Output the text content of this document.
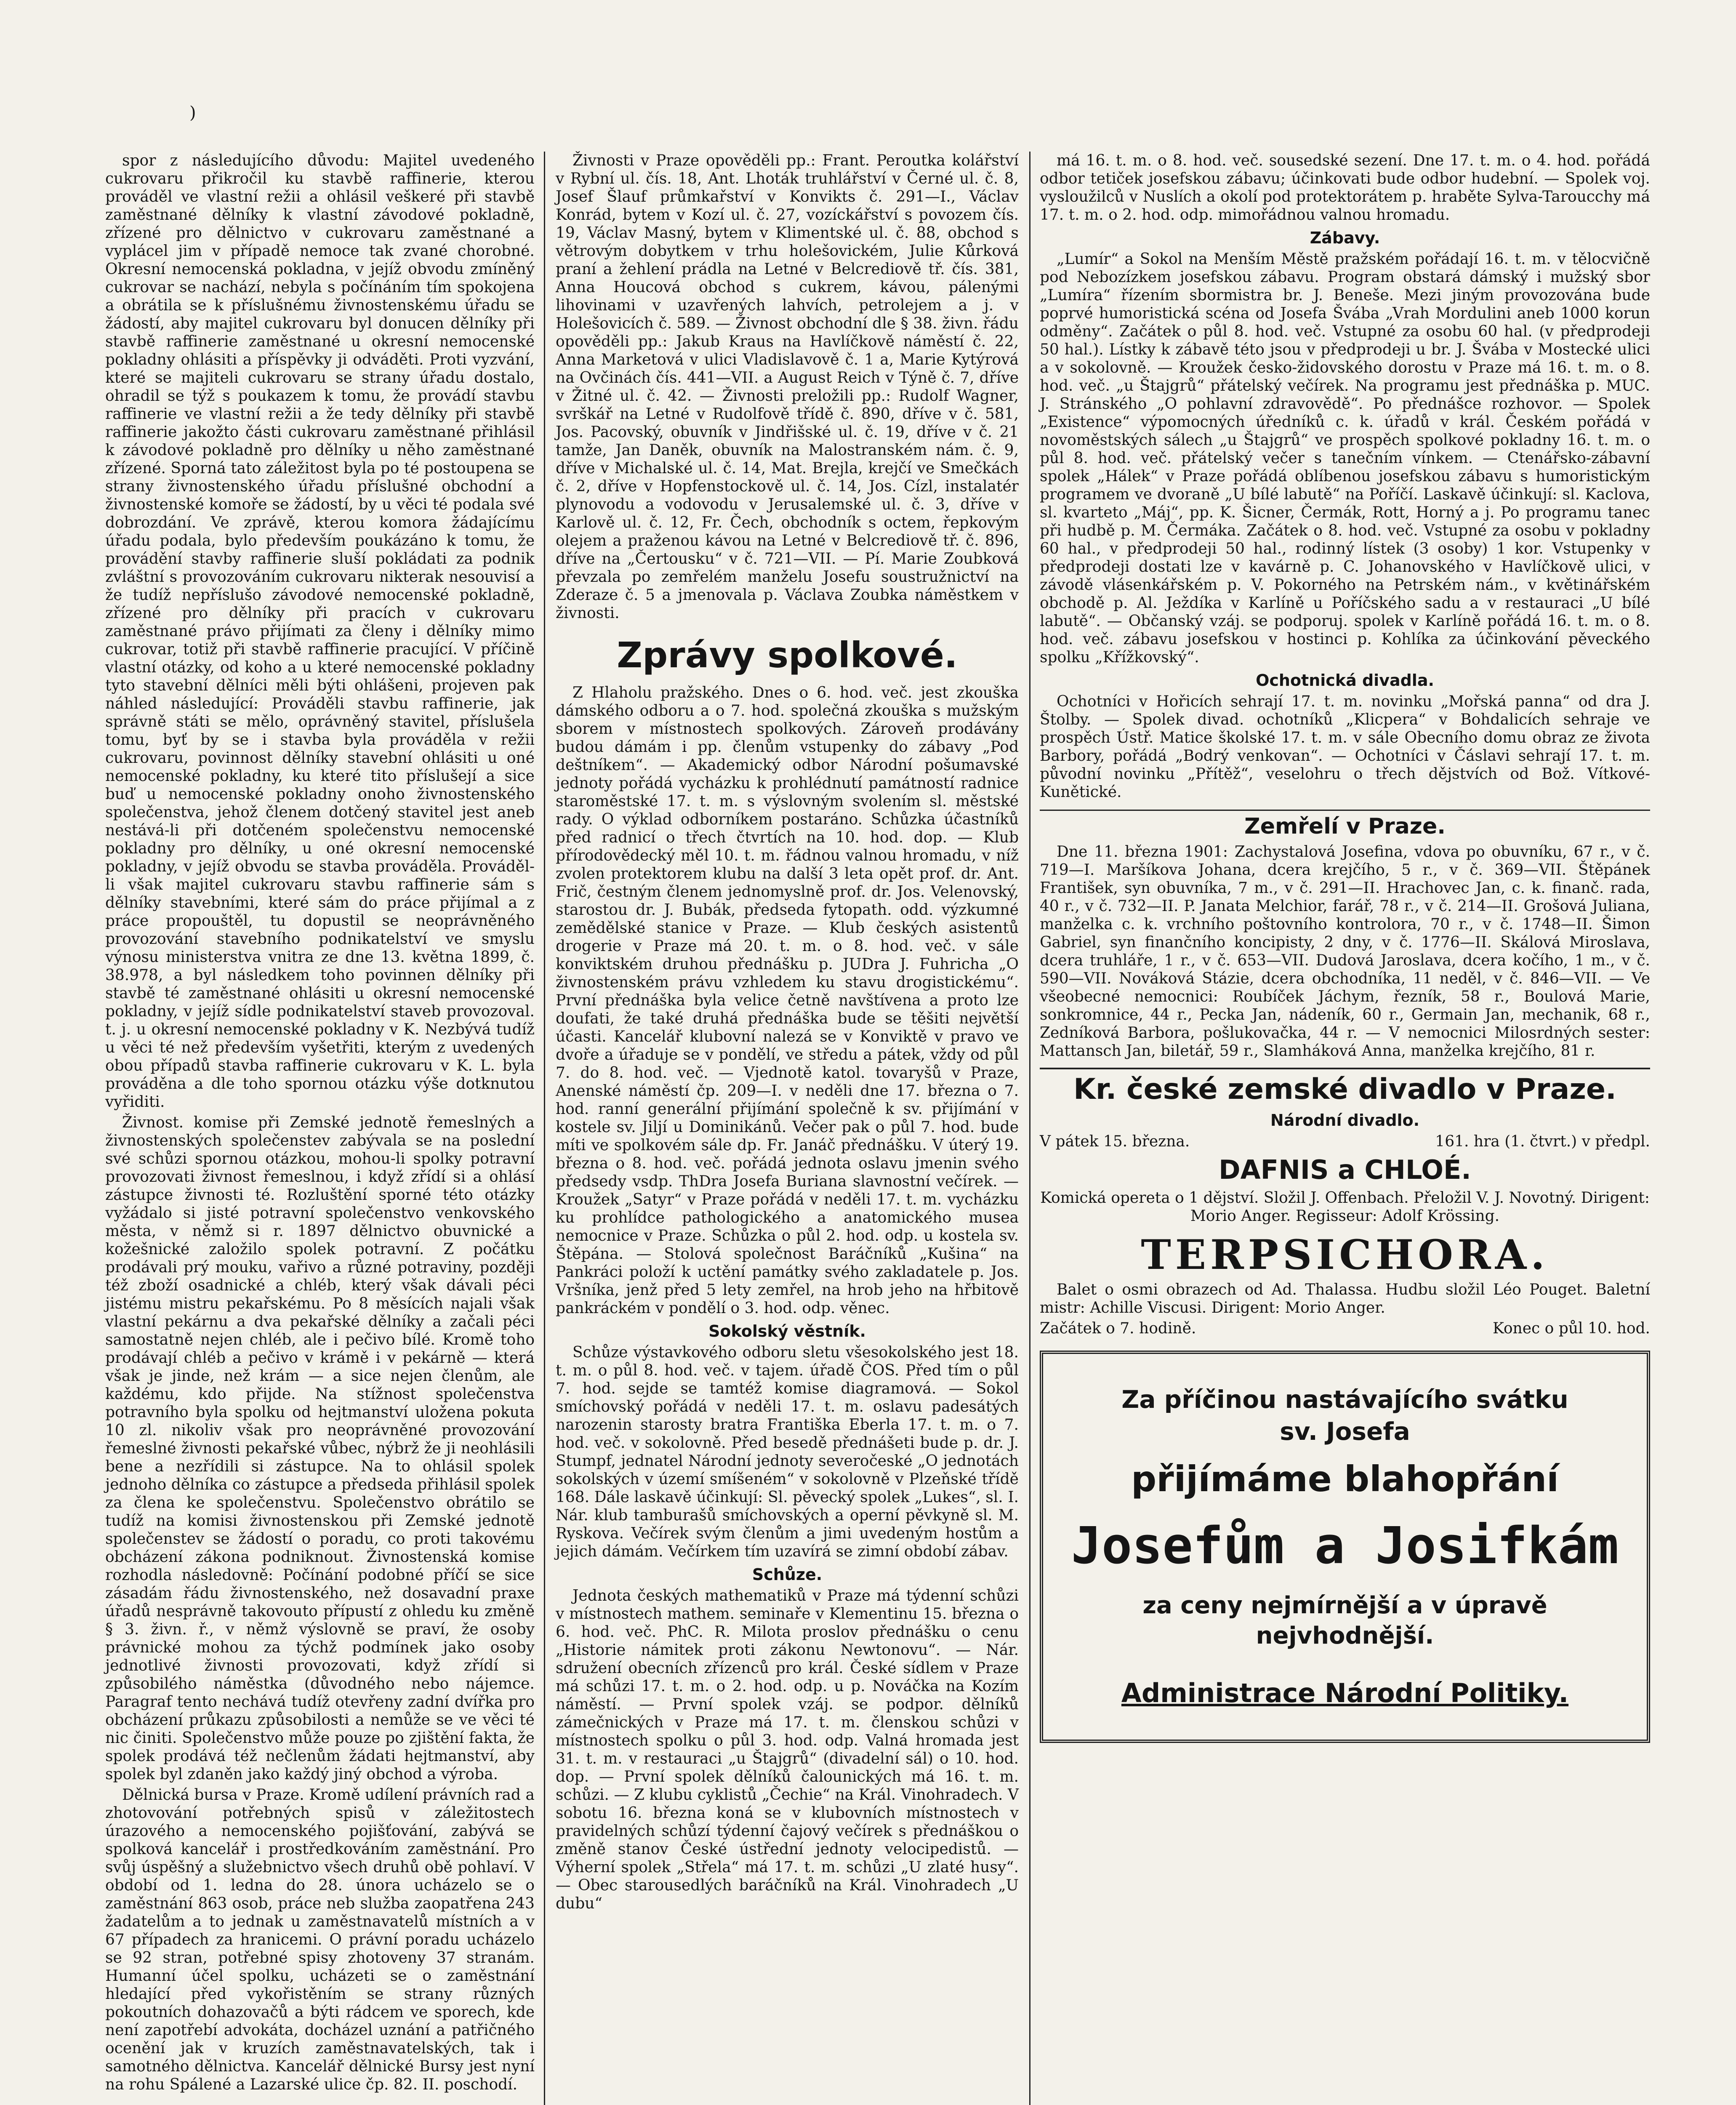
)

spor z následujícího důvodu: Majitel uvedeného cukrovaru přikročil ku stavbě raffinerie, kterou prováděl ve vlastní režii a ohlásil veškeré při stavbě zaměstnané dělníky k vlastní závodové pokladně, zřízené pro dělnictvo v cukrovaru zaměstnané a vyplácel jim v případě nemoce tak zvané chorobné. Okresní nemocenská pokladna, v jejíž obvodu zmíněný cukrovar se nachází, nebyla s počínáním tím spokojena a obrátila se k příslušnému živnostenskému úřadu se žádostí, aby majitel cukrovaru byl donucen dělníky při stavbě raffinerie zaměstnané u okresní nemocenské pokladny ohlásiti a příspěvky ji odváděti. Proti vyzvání, které se majiteli cukrovaru se strany úřadu dostalo, ohradil se týž s poukazem k tomu, že provádí stavbu raffinerie ve vlastní režii a že tedy dělníky při stavbě raffinerie jakožto části cukrovaru zaměstnané přihlásil k závodové pokladně pro dělníky u něho zaměstnané zřízené. Sporná tato záležitost byla po té postoupena se strany živnostenského úřadu příslušné obchodní a živnostenské komoře se žádostí, by u věci té podala své dobrozdání. Ve zprávě, kterou komora žádajícímu úřadu podala, bylo především poukázáno k tomu, že provádění stavby raffinerie sluší pokládati za podnik zvláštní s provozováním cukrovaru nikterak nesouvisí a že tudíž nepříslušo závodové nemocenské pokladně, zřízené pro dělníky při pracích v cukrovaru zaměstnané právo přijímati za členy i dělníky mimo cukrovar, totiž při stavbě raffinerie pracující. V příčině vlastní otázky, od koho a u které nemocenské pokladny tyto stavební dělníci měli býti ohlášeni, projeven pak náhled následující: Prováděli stavbu raffinerie, jak správně státi se mělo, oprávněný stavitel, příslušela tomu, byť by se i stavba byla prováděla v režii cukrovaru, povinnost dělníky stavební ohlásiti u oné nemocenské pokladny, ku které tito příslušejí a sice buď u nemocenské pokladny onoho živnostenského společenstva, jehož členem dotčený stavitel jest aneb nestává-li při dotčeném společenstvu nemocenské pokladny pro dělníky, u oné okresní nemocenské pokladny, v jejíž obvodu se stavba prováděla. Prováděl-li však majitel cukrovaru stavbu raffinerie sám s dělníky stavebními, které sám do práce přijímal a z práce propouštěl, tu dopustil se neoprávněného provozování stavebního podnikatelství ve smyslu výnosu ministerstva vnitra ze dne 13. května 1899, č. 38.978, a byl následkem toho povinnen dělníky při stavbě té zaměstnané ohlásiti u okresní nemocenské pokladny, v jejíž sídle podnikatelství staveb provozoval. t. j. u okresní nemocenské pokladny v K. Nezbývá tudíž u věci té než především vyšetřiti, kterým z uvedených obou případů stavba raffinerie cukrovaru v K. L. byla prováděna a dle toho spornou otázku výše dotknutou vyřiditi.

Živnost. komise při Zemské jednotě řemeslných a živnostenských společenstev zabývala se na poslední své schůzi spornou otázkou, mohou-li spolky potravní provozovati živnost řemeslnou, i když zřídí si a ohlásí zástupce živnosti té. Rozluštění sporné této otázky vyžádalo si jisté potravní společenstvo venkovského města, v němž si r. 1897 dělnictvo obuvnické a kožešnické založilo spolek potravní. Z počátku prodávali prý mouku, vařivo a různé potraviny, později též zboží osadnické a chléb, který však dávali péci jistému mistru pekařskému. Po 8 měsících najali však vlastní pekárnu a dva pekařské dělníky a začali péci samostatně nejen chléb, ale i pečivo bílé. Kromě toho prodávají chléb a pečivo v krámě i v pekárně — která však je jinde, než krám — a sice nejen členům, ale každému, kdo přijde. Na stížnost společenstva potravního byla spolku od hejtmanství uložena pokuta 10 zl. nikoliv však pro neoprávněné provozování řemeslné živnosti pekařské vůbec, nýbrž že ji neohlásili bene a nezřídili si zástupce. Na to ohlásil spolek jednoho dělníka co zástupce a předseda přihlásil spolek za člena ke společenstvu. Společenstvo obrátilo se tudíž na komisi živnostenskou při Zemské jednotě společenstev se žádostí o poradu, co proti takovému obcházení zákona podniknout. Živnostenská komise rozhodla následovně: Počínání podobné příčí se sice zásadám řádu živnostenského, než dosavadní praxe úřadů nesprávně takovouto přípustí z ohledu ku změně § 3. živn. ř., v němž výslovně se praví, že osoby právnické mohou za týchž podmínek jako osoby jednotlivé živnosti provozovati, když zřídí si způsobilého náměstka (důvodného nebo nájemce. Paragraf tento nechává tudíž otevřeny zadní dvířka pro obcházení průkazu způsobilosti a nemůže se ve věci té nic činiti. Společenstvo může pouze po zjištění fakta, že spolek prodává též nečlenům žádati hejtmanství, aby spolek byl zdaněn jako každý jiný obchod a výroba.

Dělnická bursa v Praze. Kromě udílení právních rad a zhotovování potřebných spisů v záležitostech úrazového a nemocenského pojišťování, zabývá se spolková kancelář i prostředkováním zaměstnání. Pro svůj úspěšný a služebnictvo všech druhů obě pohlaví. V období od 1. ledna do 28. února ucházelo se o zaměstnání 863 osob, práce neb služba zaopatřena 243 žadatelům a to jednak u zaměstnavatelů místních a v 67 případech za hranicemi. O právní poradu ucházelo se 92 stran, potřebné spisy zhotoveny 37 stranám. Humanní účel spolku, ucházeti se o zaměstnání hledající před vykořistěním se strany různých pokoutních dohazovačů a býti rádcem ve sporech, kde není zapotřebí advokáta, docházel uznání a patřičného ocenění jak v kruzích zaměstnavatelských, tak i samotného dělnictva. Kancelář dělnické Bursy jest nyní na rohu Spálené a Lazarské ulice čp. 82. II. poschodí.

Živnosti v Praze opověděli pp.: Frant. Peroutka kolářství v Rybní ul. čís. 18, Ant. Lhoták truhlářství v Černé ul. č. 8, Josef Šlauf průmkařství v Konvikts č. 291—I., Václav Konrád, bytem v Kozí ul. č. 27, vozíckářství s povozem čís. 19, Václav Masný, bytem v Klimentské ul. č. 88, obchod s větrovým dobytkem v trhu holešovickém, Julie Kůrková praní a žehlení prádla na Letné v Belcrediově tř. čís. 381, Anna Houcová obchod s cukrem, kávou, pálenými lihovinami v uzavřených lahvích, petrolejem a j. v Holešovicích č. 589. — Živnost obchodní dle § 38. živn. řádu opověděli pp.: Jakub Kraus na Havlíčkově náměstí č. 22, Anna Marketová v ulici Vladislavově č. 1 a, Marie Kytýrová na Ovčinách čís. 441—VII. a August Reich v Týně č. 7, dříve v Žitné ul. č. 42. — Živnosti preložili pp.: Rudolf Wagner, svrškář na Letné v Rudolfově třídě č. 890, dříve v č. 581, Jos. Pacovský, obuvník v Jindřišské ul. č. 19, dříve v č. 21 tamže, Jan Daněk, obuvník na Malostranském nám. č. 9, dříve v Michalské ul. č. 14, Mat. Brejla, krejčí ve Smečkách č. 2, dříve v Hopfenstockově ul. č. 14, Jos. Cízl, instalatér plynovodu a vodovodu v Jerusalemské ul. č. 3, dříve v Karlově ul. č. 12, Fr. Čech, obchodník s octem, řepkovým olejem a praženou kávou na Letné v Belcrediově tř. č. 896, dříve na „Čertousku“ v č. 721—VII. — Pí. Marie Zoubková převzala po zemřelém manželu Josefu soustružnictví na Zderaze č. 5 a jmenovala p. Václava Zoubka náměstkem v živnosti.

Zprávy spolkové.

Z Hlaholu pražského. Dnes o 6. hod. več. jest zkouška dámského odboru a o 7. hod. společná zkouška s mužským sborem v místnostech spolkových. Zároveň prodávány budou dámám i pp. členům vstupenky do zábavy „Pod deštníkem“. — Akademický odbor Národní pošumavské jednoty pořádá vycházku k prohlédnutí památností radnice staroměstské 17. t. m. s výslovným svolením sl. městské rady. O výklad odborníkem postaráno. Schůzka účastníků před radnicí o třech čtvrtích na 10. hod. dop. — Klub přírodovědecký měl 10. t. m. řádnou valnou hromadu, v níž zvolen protektorem klubu na další 3 leta opět prof. dr. Ant. Frič, čestným členem jednomyslně prof. dr. Jos. Velenovský, starostou dr. J. Bubák, předseda fytopath. odd. výzkumné zemědělské stanice v Praze. — Klub českých asistentů drogerie v Praze má 20. t. m. o 8. hod. več. v sále konviktském druhou přednášku p. JUDra J. Fuhricha „O živnostenském právu vzhledem ku stavu drogistickému“. První přednáška byla velice četně navštívena a proto lze doufati, že také druhá přednáška bude se těšiti největší účasti. Kancelář klubovní nalezá se v Konviktě v pravo ve dvoře a úřaduje se v pondělí, ve středu a pátek, vždy od půl 7. do 8. hod. več. — Vjednotě katol. tovaryšů v Praze, Anenské náměstí čp. 209—I. v neděli dne 17. března o 7. hod. ranní generální přijímání společně k sv. přijímání v kostele sv. Jiljí u Dominikánů. Večer pak o půl 7. hod. bude míti ve spolkovém sále dp. Fr. Janáč přednášku. V úterý 19. března o 8. hod. več. pořádá jednota oslavu jmenin svého předsedy vsdp. ThDra Josefa Buriana slavnostní večírek. — Kroužek „Satyr“ v Praze pořádá v neděli 17. t. m. vycházku ku prohlídce pathologického a anatomického musea nemocnice v Praze. Schůzka o půl 2. hod. odp. u kostela sv. Štěpána. — Stolová společnost Baráčníků „Kušina“ na Pankráci položí k uctění památky svého zakladatele p. Jos. Vršníka, jenž před 5 lety zemřel, na hrob jeho na hřbitově pankráckém v pondělí o 3. hod. odp. věnec.

Sokolský věstník.

Schůze výstavkového odboru sletu všesokolského jest 18. t. m. o půl 8. hod. več. v tajem. úřadě ČOS. Před tím o půl 7. hod. sejde se tamtéž komise diagramová. — Sokol smíchovský pořádá v neděli 17. t. m. oslavu padesátých narozenin starosty bratra Františka Eberla 17. t. m. o 7. hod. več. v sokolovně. Před besedě přednášeti bude p. dr. J. Stumpf, jednatel Národní jednoty severočeské „O jednotách sokolských v území smíšeném“ v sokolovně v Plzeňské třídě 168. Dále laskavě účinkují: Sl. pěvecký spolek „Lukes“, sl. I. Nár. klub tamburašů smíchovských a operní pěvkyně sl. M. Ryskova. Večírek svým členům a jimi uvedeným hostům a jejich dámám. Večírkem tím uzavírá se zimní období zábav.

Schůze.

Jednota českých mathematiků v Praze má týdenní schůzi v místnostech mathem. seminaře v Klementinu 15. března o 6. hod. več. PhC. R. Milota proslov přednášku o cenu „Historie námitek proti zákonu Newtonovu“. — Nár. sdružení obecních zřízenců pro král. České sídlem v Praze má schůzi 17. t. m. o 2. hod. odp. u p. Nováčka na Kozím náměstí. — První spolek vzáj. se podpor. dělníků zámečnických v Praze má 17. t. m. členskou schůzi v místnostech spolku o půl 3. hod. odp. Valná hromada jest 31. t. m. v restauraci „u Štajgrů“ (divadelní sál) o 10. hod. dop. — První spolek dělníků čalounických má 16. t. m. schůzi. — Z klubu cyklistů „Čechie“ na Král. Vinohradech. V sobotu 16. března koná se v klubovních místnostech v pravidelných schůzí týdenní čajový večírek s přednáškou o změně stanov České ústřední jednoty velocipedistů. — Výherní spolek „Střela“ má 17. t. m. schůzi „U zlaté husy“. — Obec starousedlých baráčníků na Král. Vinohradech „U dubu“

má 16. t. m. o 8. hod. več. sousedské sezení. Dne 17. t. m. o 4. hod. pořádá odbor tetiček josefskou zábavu; účinkovati bude odbor hudební. — Spolek voj. vysloužilců v Nuslích a okolí pod protektorátem p. hraběte Sylva-Taroucchy má 17. t. m. o 2. hod. odp. mimořádnou valnou hromadu.

Zábavy.

„Lumír“ a Sokol na Menším Městě pražském pořádají 16. t. m. v tělocvičně pod Nebozízkem josefskou zábavu. Program obstará dámský i mužský sbor „Lumíra“ řízením sbormistra br. J. Beneše. Mezi jiným provozována bude poprvé humoristická scéna od Josefa Švába „Vrah Mordulini aneb 1000 korun odměny“. Začátek o půl 8. hod. več. Vstupné za osobu 60 hal. (v předprodeji 50 hal.). Lístky k zábavě této jsou v předprodeji u br. J. Švába v Mostecké ulici a v sokolovně. — Kroužek česko-židovského dorostu v Praze má 16. t. m. o 8. hod. več. „u Štajgrů“ přátelský večírek. Na programu jest přednáška p. MUC. J. Stránského „O pohlavní zdravovědě“. Po přednášce rozhovor. — Spolek „Existence“ výpomocných úředníků c. k. úřadů v král. Českém pořádá v novoměstských sálech „u Štajgrů“ ve prospěch spolkové pokladny 16. t. m. o půl 8. hod. več. přátelský večer s tanečním vínkem. — Ctenářsko-zábavní spolek „Hálek“ v Praze pořádá oblíbenou josefskou zábavu s humoristickým programem ve dvoraně „U bílé labutě“ na Poříčí. Laskavě účinkují: sl. Kaclova, sl. kvarteto „Máj“, pp. K. Šicner, Čermák, Rott, Horný a j. Po programu tanec při hudbě p. M. Čermáka. Začátek o 8. hod. več. Vstupné za osobu v pokladny 60 hal., v předprodeji 50 hal., rodinný lístek (3 osoby) 1 kor. Vstupenky v předprodeji dostati lze v kavárně p. C. Johanovského v Havlíčkově ulici, v závodě vlásenkářském p. V. Pokorného na Petrském nám., v květinářském obchodě p. Al. Ježdíka v Karlíně u Poříčského sadu a v restauraci „U bílé labutě“. — Občanský vzáj. se podporuj. spolek v Karlíně pořádá 16. t. m. o 8. hod. več. zábavu josefskou v hostinci p. Kohlíka za účinkování pěveckého spolku „Křížkovský“.

Ochotnická divadla.

Ochotníci v Hořicích sehrají 17. t. m. novinku „Mořská panna“ od dra J. Štolby. — Spolek divad. ochotníků „Klicpera“ v Bohdalicích sehraje ve prospěch Ústř. Matice školské 17. t. m. v sále Obecního domu obraz ze života Barbory, pořádá „Bodrý venkovan“. — Ochotníci v Čáslavi sehrají 17. t. m. původní novinku „Přítěž“, veselohru o třech dějstvích od Bož. Vítkové-Kunětické.

Zemřelí v Praze.

Dne 11. března 1901: Zachystalová Josefina, vdova po obuvníku, 67 r., v č. 719—I. Maršíkova Johana, dcera krejčího, 5 r., v č. 369—VII. Štěpánek František, syn obuvníka, 7 m., v č. 291—II. Hrachovec Jan, c. k. finanč. rada, 40 r., v č. 732—II. P. Janata Melchior, farář, 78 r., v č. 214—II. Grošová Juliana, manželka c. k. vrchního poštovního kontrolora, 70 r., v č. 1748—II. Šimon Gabriel, syn finančního koncipisty, 2 dny, v č. 1776—II. Skálová Miroslava, dcera truhláře, 1 r., v č. 653—VII. Dudová Jaroslava, dcera kočího, 1 m., v č. 590—VII. Nováková Stázie, dcera obchodníka, 11 neděl, v č. 846—VII. — Ve všeobecné nemocnici: Roubíček Jáchym, řezník, 58 r., Boulová Marie, sonkromnice, 44 r., Pecka Jan, nádeník, 60 r., Germain Jan, mechanik, 68 r., Zedníková Barbora, pošlukovačka, 44 r. — V nemocnici Milosrdných sester: Mattansch Jan, biletář, 59 r., Slamháková Anna, manželka krejčího, 81 r.

Kr. české zemské divadlo v Praze.
Národní divadlo.
V pátek 15. března.	161. hra (1. čtvrt.) v předpl.
DAFNIS a CHLOÉ.

Komická opereta o 1 dějství. Složil J. Offenbach. Přeložil V. J. Novotný. Dirigent: Morio Anger. Regisseur: Adolf Krössing.

TERPSICHORA.

Balet o osmi obrazech od Ad. Thalassa. Hudbu složil Léo Pouget. Baletní mistr: Achille Viscusi. Dirigent: Morio Anger.

Začátek o 7. hodině.	Konec o půl 10. hod.
Za příčinou nastávajícího svátku
sv. Josefa
přijímáme blahopřání
Josefům a Josifkám
za ceny nejmírnější a v úpravě nejvhodnější.
Administrace Národní Politiky.
